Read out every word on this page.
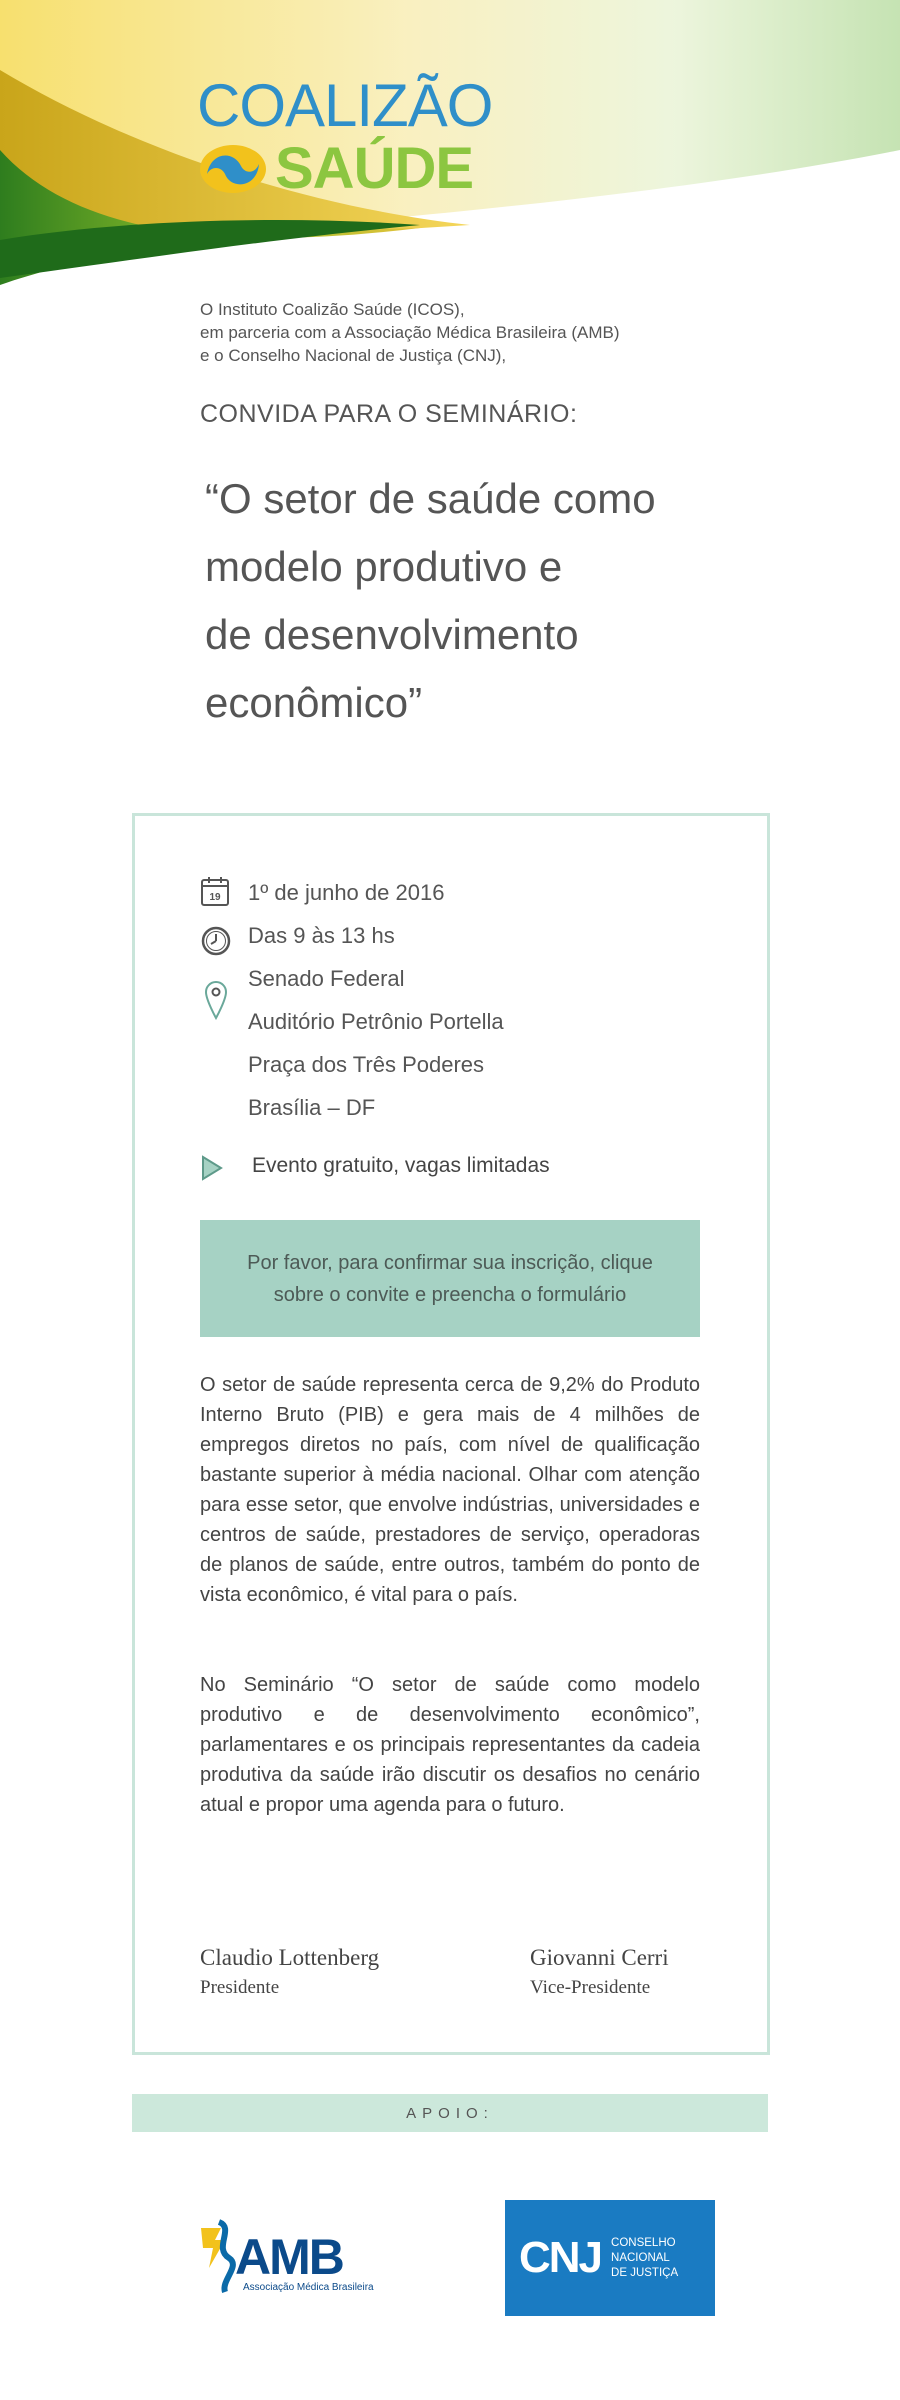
COALIZÃO
SAÚDE
O Instituto Coalizão Saúde (ICOS),
em parceria com a Associação Médica Brasileira (AMB)
e o Conselho Nacional de Justiça (CNJ),
CONVIDA PARA O SEMINÁRIO:
“O setor de saúde como
modelo produtivo e
de desenvolvimento
econômico”
19 1º de junho de 2016
Das 9 às 13 hs
Senado Federal
Auditório Petrônio Portella
Praça dos Três Poderes
Brasília – DF
Evento gratuito, vagas limitadas
Por favor, para confirmar sua inscrição, clique sobre o convite e preencha o formulário
O setor de saúde representa cerca de 9,2% do Produto Interno Bruto (PIB) e gera mais de 4 milhões de empregos diretos no país, com nível de qualificação bastante superior à média nacional. Olhar com atenção para esse setor, que envolve indústrias, universidades e centros de saúde, prestadores de serviço, operadoras de planos de saúde, entre outros, também do ponto de vista econômico, é vital para o país.
No Seminário “O setor de saúde como modelo produtivo e de desenvolvimento econômico”, parlamentares e os principais representantes da cadeia produtiva da saúde irão discutir os desafios no cenário atual e propor uma agenda para o futuro.
Claudio Lottenberg
Presidente
Giovanni Cerri
Vice-Presidente
APOIO:
AMB
Associação Médica Brasileira
CNJ CONSELHO
NACIONAL
DE JUSTIÇA
